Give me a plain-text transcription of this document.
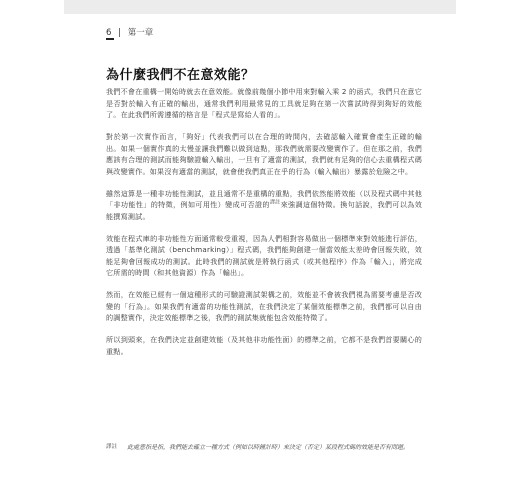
6 | 第一章
為什麼我們不在意效能？

我們不會在重構一開始時就去在意效能。就像前幾個小節中用來對輸入乘 2 的函式，我們只在意它是否對於輸入有正確的輸出，通常我們利用最常見的工具就足夠在第一次嘗試時得到夠好的效能了。在此我們所需遵循的格言是「程式是寫給人看的」。

對於第一次實作而言，「夠好」代表我們可以在合理的時間內，去確認輸入確實會產生正確的輸出。如果一個實作真的太慢並讓我們難以做到這點，那我們就需要改變實作了。但在那之前，我們應該有合理的測試而能夠驗證輸入輸出，一旦有了適當的測試，我們就有足夠的信心去重構程式碼與改變實作。如果沒有適當的測試，就會使我們真正在乎的行為（輸入輸出）暴露於危險之中。

雖然這算是一種非功能性測試，並且通常不是重構的重點，我們依然能將效能（以及程式碼中其他「非功能性」的特徵，例如可用性）變成可否證的$^{譯註}$來強調這個特徵。換句話說，我們可以為效能撰寫測試。

效能在程式庫的非功能性方面通常較受重視，因為人們相對容易做出一個標準來對效能進行評估，透過「基準化測試（benchmarking）」程式碼，我們能夠創建一個當效能太差時會回報失敗，效能足夠會回報成功的測試。此時我們的測試就是將執行函式（或其他程序）作為「輸入」，將完成它所需的時間（和其他資源）作為「輸出」。

然而，在效能已經有一個這種形式的可驗證測試架構之前，效能並不會被我們視為需要考慮是否改變的「行為」。如果我們有適當的功能性測試，在我們決定了某個效能標準之前，我們都可以自由的調整實作，決定效能標準之後，我們的測試集就能包含效能特徵了。

所以到頭來，在我們決定並創建效能（及其他非功能性面）的標準之前，它都不是我們首要關心的重點。

譯註 此處意指是指，我們能去確立一種方式（例如以時鐘計時）來決定（否定）某段程式碼的效能是否有問題。
